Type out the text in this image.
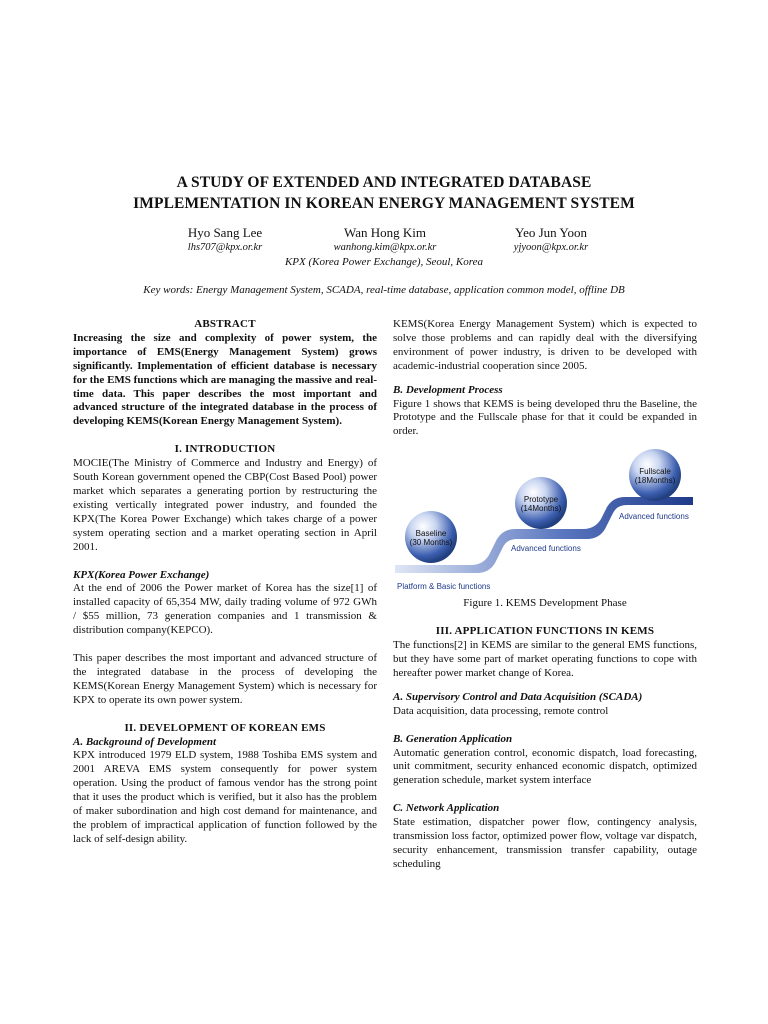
A STUDY OF EXTENDED AND INTEGRATED DATABASE
IMPLEMENTATION IN KOREAN ENERGY MANAGEMENT SYSTEM
Hyo Sang Lee
lhs707@kpx.or.kr
Wan Hong Kim
wanhong.kim@kpx.or.kr
Yeo Jun Yoon
yjyoon@kpx.or.kr
KPX (Korea Power Exchange), Seoul, Korea
Key words: Energy Management System, SCADA, real-time database, application common model, offline DB

ABSTRACT

Increasing the size and complexity of power system, the importance of EMS(Energy Management System) grows significantly. Implementation of efficient database is necessary for the EMS functions which are managing the massive and real-time data. This paper describes the most important and advanced structure of the integrated database in the process of developing KEMS(Korean Energy Management System).

I. INTRODUCTION

MOCIE(The Ministry of Commerce and Industry and Energy) of South Korean government opened the CBP(Cost Based Pool) power market which separates a generating portion by restructuring the existing vertically integrated power industry, and founded the KPX(The Korea Power Exchange) which takes charge of a power system operating section and a market operating section in April 2001.

KPX(Korea Power Exchange)

At the end of 2006 the Power market of Korea has the size[1] of installed capacity of 65,354 MW, daily trading volume of 972 GWh / $55 million, 73 generation companies and 1 transmission & distribution company(KEPCO).

This paper describes the most important and advanced structure of the integrated database in the process of developing the KEMS(Korean Energy Management System) which is necessary for KPX to operate its own power system.

II. DEVELOPMENT OF KOREAN EMS

A. Background of Development

KPX introduced 1979 ELD system, 1988 Toshiba EMS system and 2001 AREVA EMS system consequently for power system operation. Using the product of famous vendor has the strong point that it uses the product which is verified, but it also has the problem of maker subordination and high cost demand for maintenance, and the problem of impractical application of function followed by the lack of self-design ability.

KEMS(Korea Energy Management System) which is expected to solve those problems and can rapidly deal with the diversifying environment of power industry, is driven to be developed with academic-industrial cooperation since 2005.

B. Development Process

Figure 1 shows that KEMS is being developed thru the Baseline, the Prototype and the Fullscale phase for that it could be expanded in order.

Baseline
(30 Months)
Prototype
(14Months)
Fullscale
(18Months)
Platform & Basic functions
Advanced functions
Advanced functions

Figure 1. KEMS Development Phase

III. APPLICATION FUNCTIONS IN KEMS

The functions[2] in KEMS are similar to the general EMS functions, but they have some part of market operating functions to cope with hereafter power market change of Korea.

A. Supervisory Control and Data Acquisition (SCADA)

Data acquisition, data processing, remote control

B. Generation Application

Automatic generation control, economic dispatch, load forecasting, unit commitment, security enhanced economic dispatch, optimized generation schedule, market system interface

C. Network Application

State estimation, dispatcher power flow, contingency analysis, transmission loss factor, optimized power flow, voltage var dispatch, security enhancement, transmission transfer capability, outage scheduling
